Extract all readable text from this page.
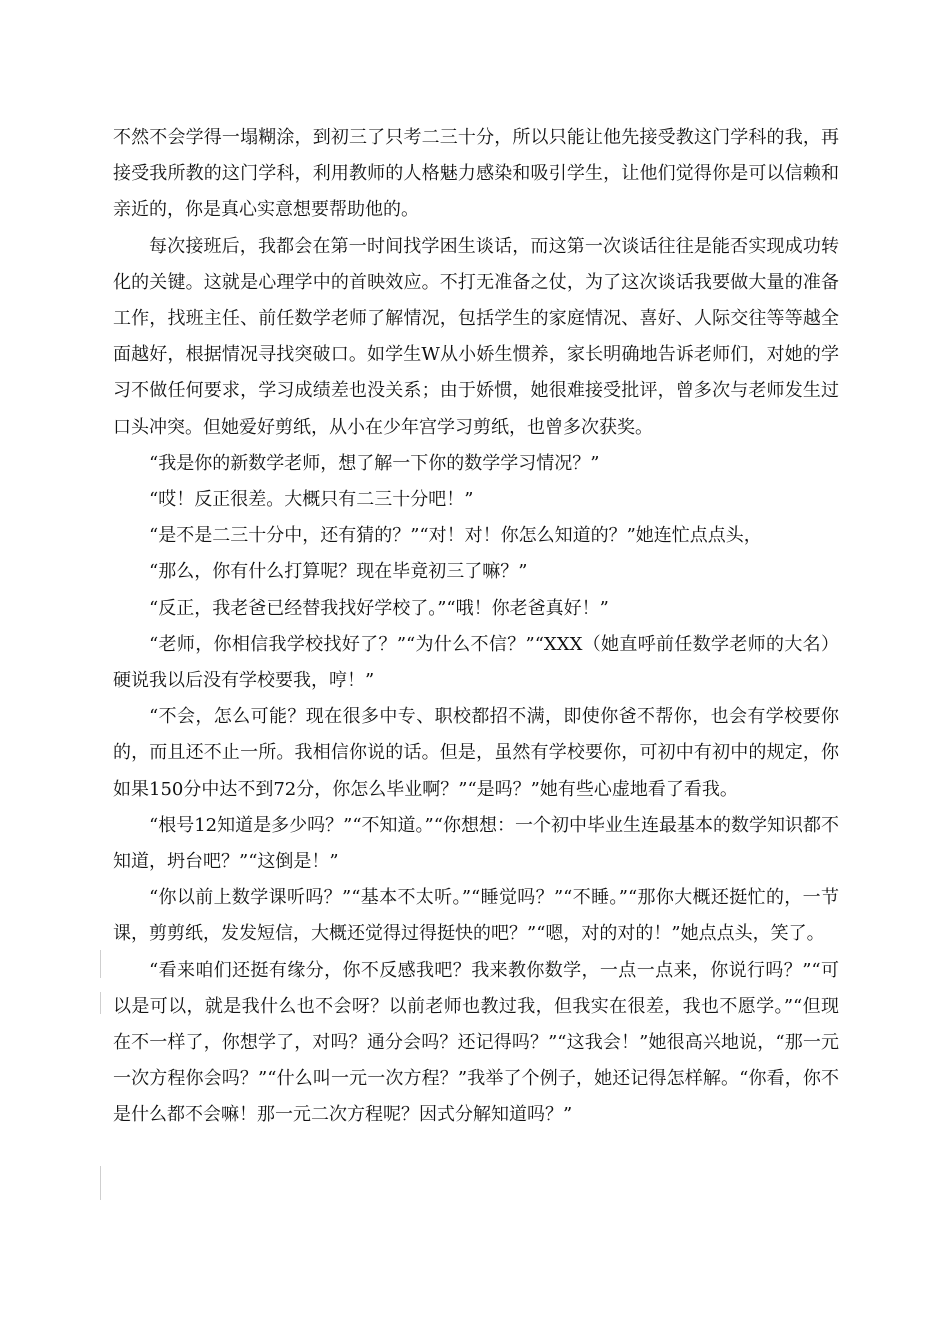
不然不会学得一塌糊涂，到初三了只考二三十分，所以只能让他先接受教这门学科的我，再接受我所教的这门学科，利用教师的人格魅力感染和吸引学生，让他们觉得你是可以信赖和亲近的，你是真心实意想要帮助他的。

每次接班后，我都会在第一时间找学困生谈话，而这第一次谈话往往是能否实现成功转化的关键。这就是心理学中的首映效应。不打无准备之仗，为了这次谈话我要做大量的准备工作，找班主任、前任数学老师了解情况，包括学生的家庭情况、喜好、人际交往等等越全面越好，根据情况寻找突破口。如学生W从小娇生惯养，家长明确地告诉老师们，对她的学习不做任何要求，学习成绩差也没关系；由于娇惯，她很难接受批评，曾多次与老师发生过口头冲突。但她爱好剪纸，从小在少年宫学习剪纸，也曾多次获奖。

“我是你的新数学老师，想了解一下你的数学学习情况？”

“哎！反正很差。大概只有二三十分吧！”

“是不是二三十分中，还有猜的？”“对！对！你怎么知道的？”她连忙点点头，

“那么，你有什么打算呢？现在毕竟初三了嘛？”

“反正，我老爸已经替我找好学校了。”“哦！你老爸真好！”

“老师，你相信我学校找好了？”“为什么不信？”“XXX（她直呼前任数学老师的大名）硬说我以后没有学校要我，哼！”

“不会，怎么可能？现在很多中专、职校都招不满，即使你爸不帮你，也会有学校要你的，而且还不止一所。我相信你说的话。但是，虽然有学校要你，可初中有初中的规定，你如果150分中达不到72分，你怎么毕业啊？”“是吗？”她有些心虚地看了看我。

“根号12知道是多少吗？”“不知道。”“你想想：一个初中毕业生连最基本的数学知识都不知道，坍台吧？”“这倒是！”

“你以前上数学课听吗？”“基本不太听。”“睡觉吗？”“不睡。”“那你大概还挺忙的，一节课，剪剪纸，发发短信，大概还觉得过得挺快的吧？”“嗯，对的对的！”她点点头，笑了。

“看来咱们还挺有缘分，你不反感我吧？我来教你数学，一点一点来，你说行吗？”“可以是可以，就是我什么也不会呀？以前老师也教过我，但我实在很差，我也不愿学。”“但现在不一样了，你想学了，对吗？通分会吗？还记得吗？”“这我会！”她很高兴地说，“那一元一次方程你会吗？”“什么叫一元一次方程？”我举了个例子，她还记得怎样解。“你看，你不是什么都不会嘛！那一元二次方程呢？因式分解知道吗？”
